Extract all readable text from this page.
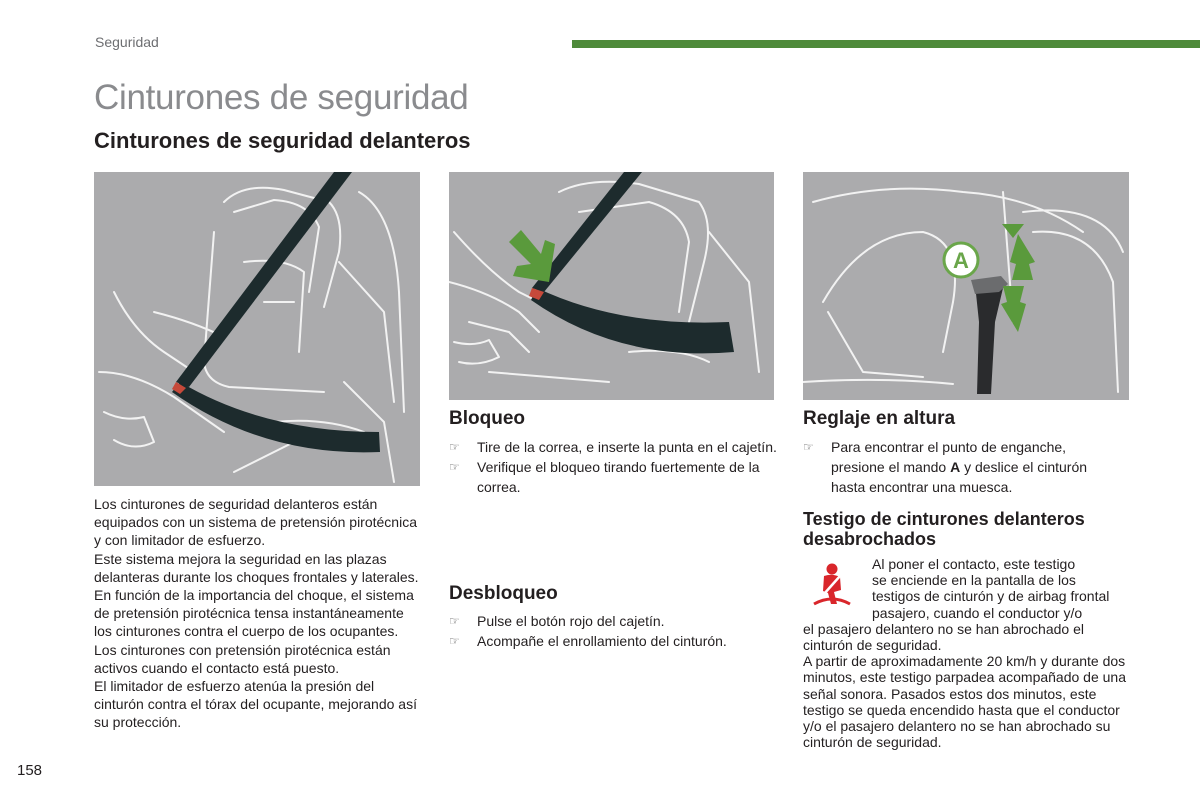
Seguridad
Cinturones de seguridad
Cinturones de seguridad delanteros
A

Los cinturones de seguridad delanteros están equipados con un sistema de pretensión pirotécnica y con limitador de esfuerzo.

Este sistema mejora la seguridad en las plazas delanteras durante los choques frontales y laterales. En función de la importancia del choque, el sistema de pretensión pirotécnica tensa instantáneamente los cinturones contra el cuerpo de los ocupantes.

Los cinturones con pretensión pirotécnica están activos cuando el contacto está puesto.

El limitador de esfuerzo atenúa la presión del cinturón contra el tórax del ocupante, mejorando así su protección.

Bloqueo
☞ Tire de la correa, e inserte la punta en el cajetín.
☞ Verifique el bloqueo tirando fuertemente de la correa.
Desbloqueo
☞ Pulse el botón rojo del cajetín.
☞ Acompañe el enrollamiento del cinturón.
Reglaje en altura
☞ Para encontrar el punto de enganche, presione el mando A y deslice el cinturón hasta encontrar una muesca.
Testigo de cinturones delanteros
desabrochados
Al poner el contacto, este testigo
se enciende en la pantalla de los
testigos de cinturón y de airbag frontal
pasajero, cuando el conductor y/o
el pasajero delantero no se han abrochado el cinturón de seguridad.
A partir de aproximadamente 20 km/h y durante dos minutos, este testigo parpadea acompañado de una señal sonora. Pasados estos dos minutos, este testigo se queda encendido hasta que el conductor y/o el pasajero delantero no se han abrochado su cinturón de seguridad.
158
